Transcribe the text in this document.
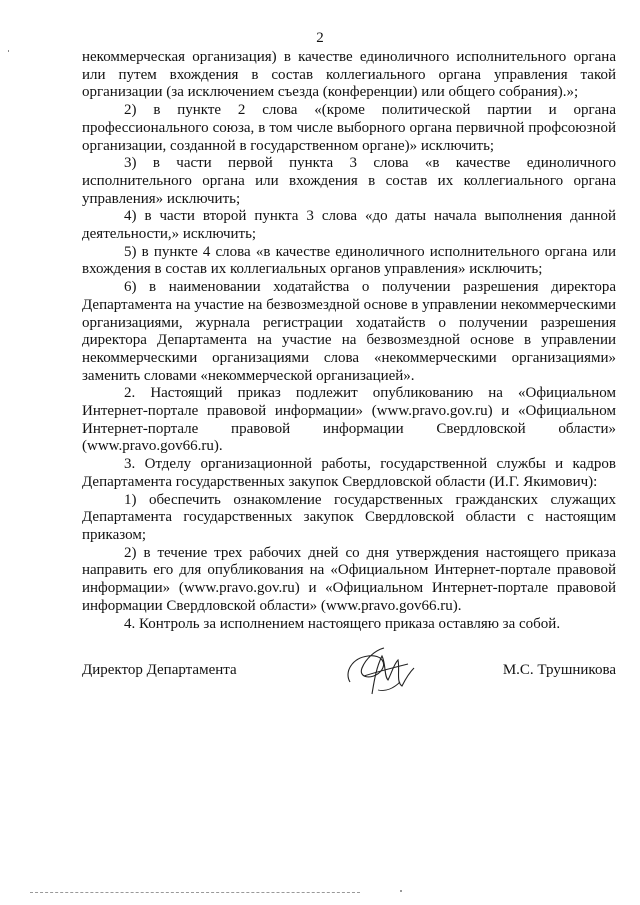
2

некоммерческая организация) в качестве единоличного исполнительного органа или путем вхождения в состав коллегиального органа управления такой организации (за исключением съезда (конференции) или общего собрания).»;

2) в пункте 2 слова «(кроме политической партии и органа профессионального союза, в том числе выборного органа первичной профсоюзной организации, созданной в государственном органе)» исключить;

3) в части первой пункта 3 слова «в качестве единоличного исполнительного органа или вхождения в состав их коллегиального органа управления» исключить;

4) в части второй пункта 3 слова «до даты начала выполнения данной деятельности,» исключить;

5) в пункте 4 слова «в качестве единоличного исполнительного органа или вхождения в состав их коллегиальных органов управления» исключить;

6) в наименовании ходатайства о получении разрешения директора Департамента на участие на безвозмездной основе в управлении некоммерческими организациями, журнала регистрации ходатайств о получении разрешения директора Департамента на участие на безвозмездной основе в управлении некоммерческими организациями слова «некоммерческими организациями» заменить словами «некоммерческой организацией».

2. Настоящий приказ подлежит опубликованию на «Официальном Интернет-портале правовой информации» (www.pravo.gov.ru) и «Официальном Интернет-портале правовой информации Свердловской области» (www.pravo.gov66.ru).

3. Отделу организационной работы, государственной службы и кадров Департамента государственных закупок Свердловской области (И.Г. Якимович):

1) обеспечить ознакомление государственных гражданских служащих Департамента государственных закупок Свердловской области с настоящим приказом;

2) в течение трех рабочих дней со дня утверждения настоящего приказа направить его для опубликования на «Официальном Интернет-портале правовой информации» (www.pravo.gov.ru) и «Официальном Интернет-портале правовой информации Свердловской области» (www.pravo.gov66.ru).

4. Контроль за исполнением настоящего приказа оставляю за собой.

Директор Департамента	М.С. Трушникова
